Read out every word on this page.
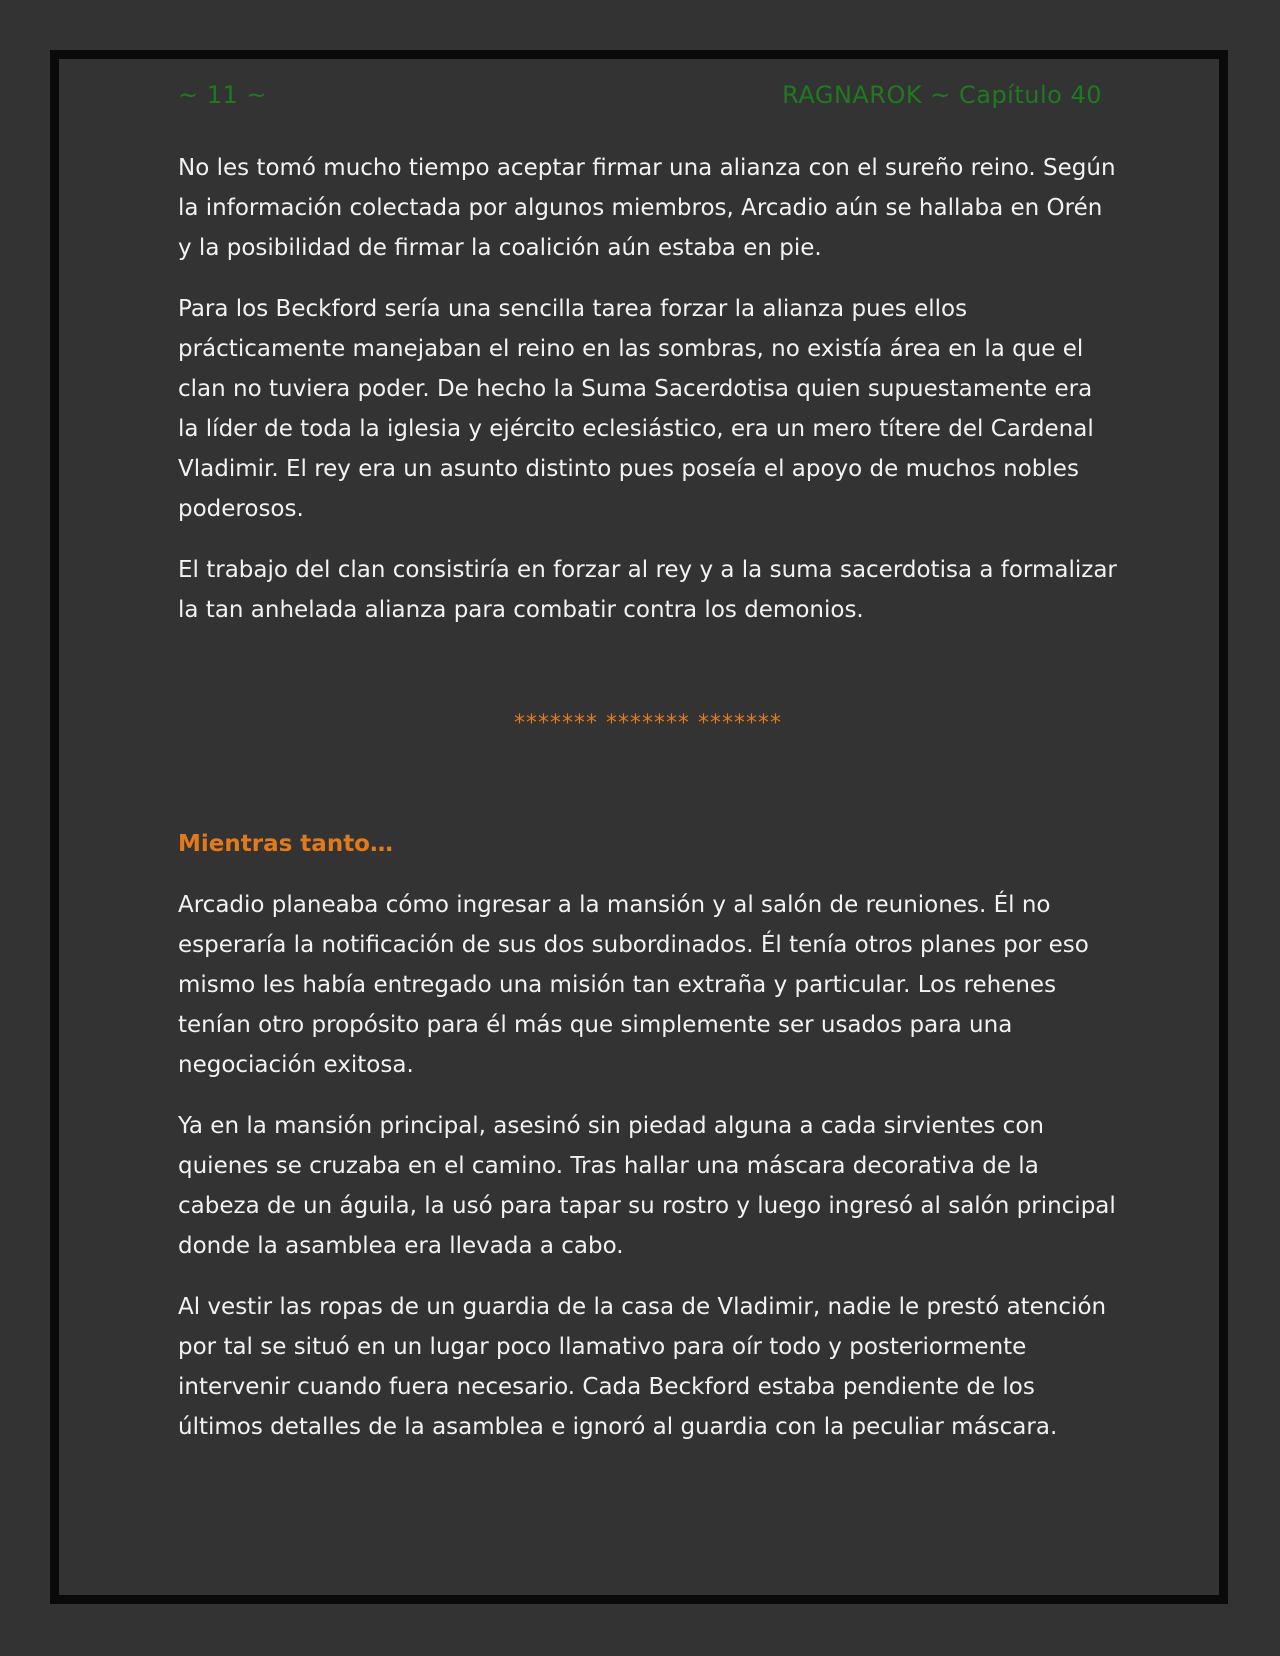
~ 11 ~	RAGNAROK ~ Capítulo 40

No les tomó mucho tiempo aceptar firmar una alianza con el sureño reino. Según la información colectada por algunos miembros, Arcadio aún se hallaba en Orén y la posibilidad de firmar la coalición aún estaba en pie.

Para los Beckford sería una sencilla tarea forzar la alianza pues ellos prácticamente manejaban el reino en las sombras, no existía área en la que el clan no tuviera poder. De hecho la Suma Sacerdotisa quien supuestamente era la líder de toda la iglesia y ejército eclesiástico, era un mero títere del Cardenal Vladimir. El rey era un asunto distinto pues poseía el apoyo de muchos nobles poderosos.

El trabajo del clan consistiría en forzar al rey y a la suma sacerdotisa a formalizar la tan anhelada alianza para combatir contra los demonios.

******* ******* *******
Mientras tanto…

Arcadio planeaba cómo ingresar a la mansión y al salón de reuniones. Él no esperaría la notificación de sus dos subordinados. Él tenía otros planes por eso mismo les había entregado una misión tan extraña y particular. Los rehenes tenían otro propósito para él más que simplemente ser usados para una negociación exitosa.

Ya en la mansión principal, asesinó sin piedad alguna a cada sirvientes con quienes se cruzaba en el camino. Tras hallar una máscara decorativa de la cabeza de un águila, la usó para tapar su rostro y luego ingresó al salón principal donde la asamblea era llevada a cabo.

Al vestir las ropas de un guardia de la casa de Vladimir, nadie le prestó atención por tal se situó en un lugar poco llamativo para oír todo y posteriormente intervenir cuando fuera necesario. Cada Beckford estaba pendiente de los últimos detalles de la asamblea e ignoró al guardia con la peculiar máscara.
